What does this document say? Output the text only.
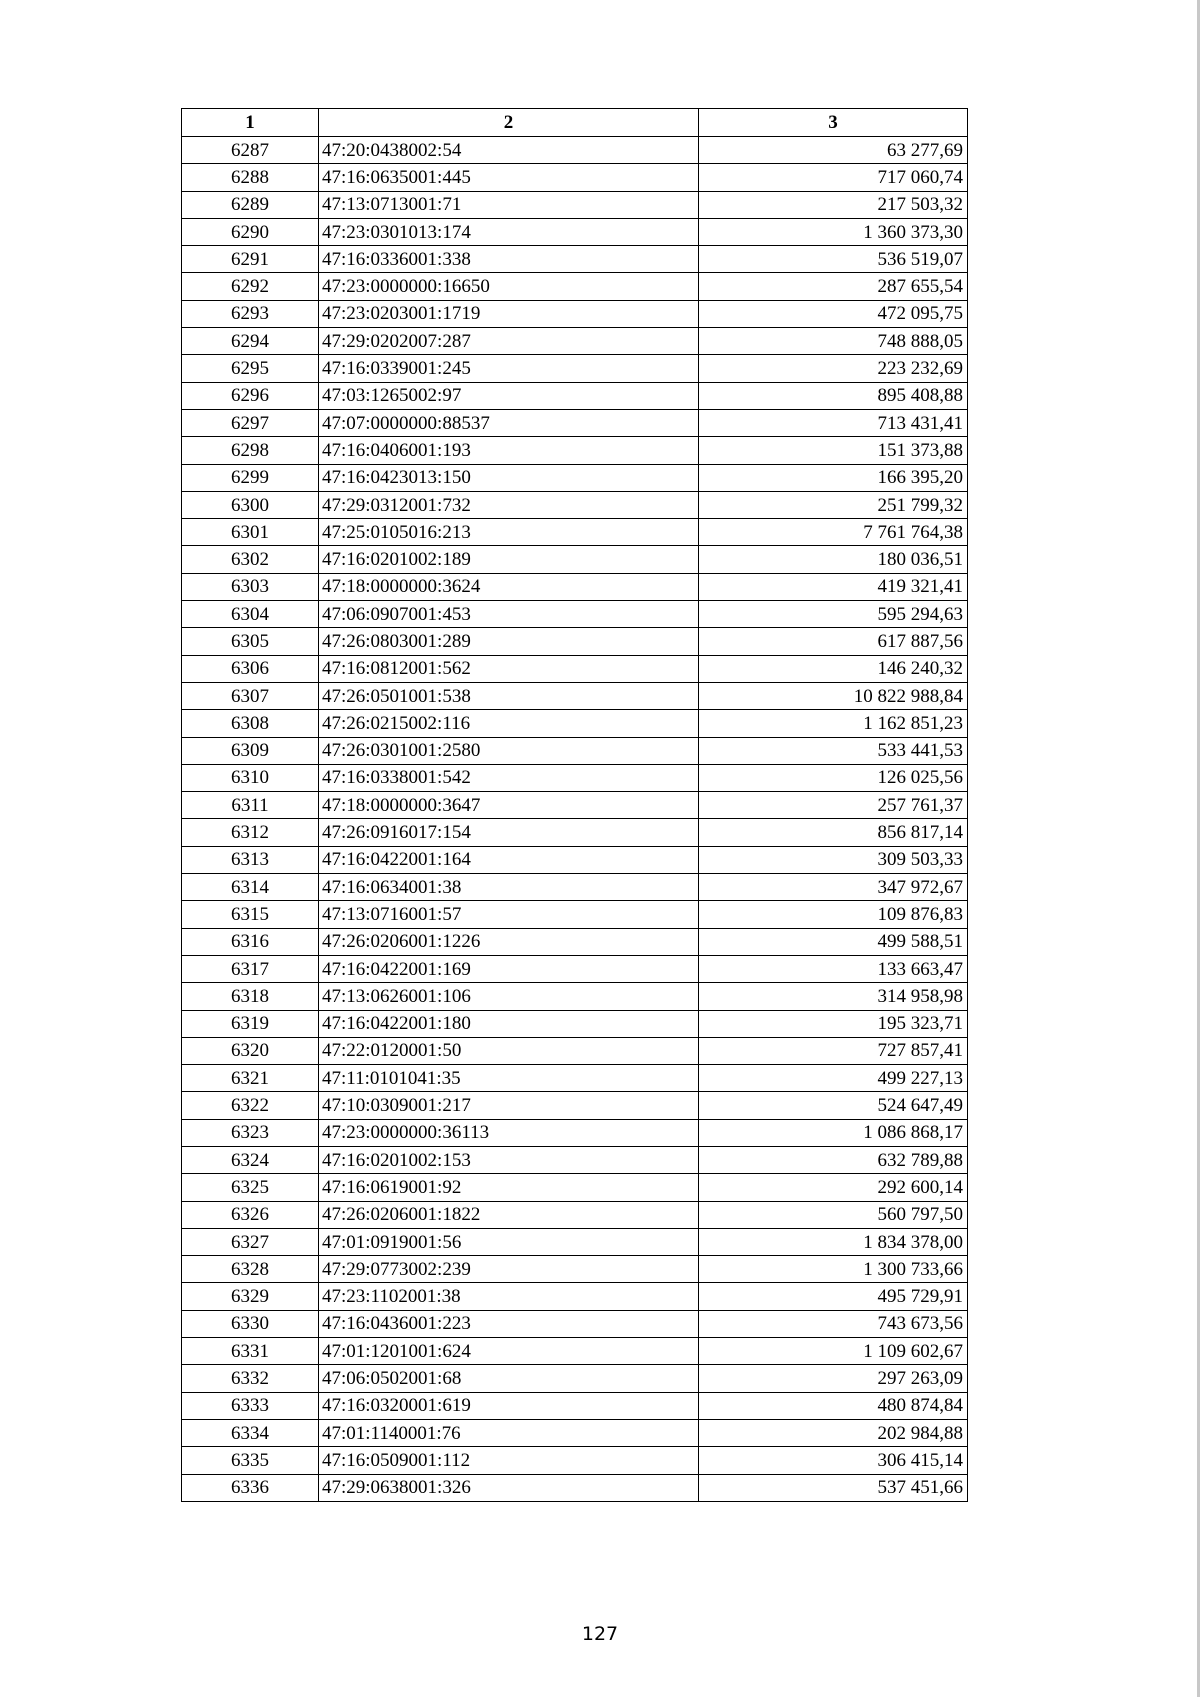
1	2	3
6287	47:20:0438002:54	63 277,69
6288	47:16:0635001:445	717 060,74
6289	47:13:0713001:71	217 503,32
6290	47:23:0301013:174	1 360 373,30
6291	47:16:0336001:338	536 519,07
6292	47:23:0000000:16650	287 655,54
6293	47:23:0203001:1719	472 095,75
6294	47:29:0202007:287	748 888,05
6295	47:16:0339001:245	223 232,69
6296	47:03:1265002:97	895 408,88
6297	47:07:0000000:88537	713 431,41
6298	47:16:0406001:193	151 373,88
6299	47:16:0423013:150	166 395,20
6300	47:29:0312001:732	251 799,32
6301	47:25:0105016:213	7 761 764,38
6302	47:16:0201002:189	180 036,51
6303	47:18:0000000:3624	419 321,41
6304	47:06:0907001:453	595 294,63
6305	47:26:0803001:289	617 887,56
6306	47:16:0812001:562	146 240,32
6307	47:26:0501001:538	10 822 988,84
6308	47:26:0215002:116	1 162 851,23
6309	47:26:0301001:2580	533 441,53
6310	47:16:0338001:542	126 025,56
6311	47:18:0000000:3647	257 761,37
6312	47:26:0916017:154	856 817,14
6313	47:16:0422001:164	309 503,33
6314	47:16:0634001:38	347 972,67
6315	47:13:0716001:57	109 876,83
6316	47:26:0206001:1226	499 588,51
6317	47:16:0422001:169	133 663,47
6318	47:13:0626001:106	314 958,98
6319	47:16:0422001:180	195 323,71
6320	47:22:0120001:50	727 857,41
6321	47:11:0101041:35	499 227,13
6322	47:10:0309001:217	524 647,49
6323	47:23:0000000:36113	1 086 868,17
6324	47:16:0201002:153	632 789,88
6325	47:16:0619001:92	292 600,14
6326	47:26:0206001:1822	560 797,50
6327	47:01:0919001:56	1 834 378,00
6328	47:29:0773002:239	1 300 733,66
6329	47:23:1102001:38	495 729,91
6330	47:16:0436001:223	743 673,56
6331	47:01:1201001:624	1 109 602,67
6332	47:06:0502001:68	297 263,09
6333	47:16:0320001:619	480 874,84
6334	47:01:1140001:76	202 984,88
6335	47:16:0509001:112	306 415,14
6336	47:29:0638001:326	537 451,66
127
